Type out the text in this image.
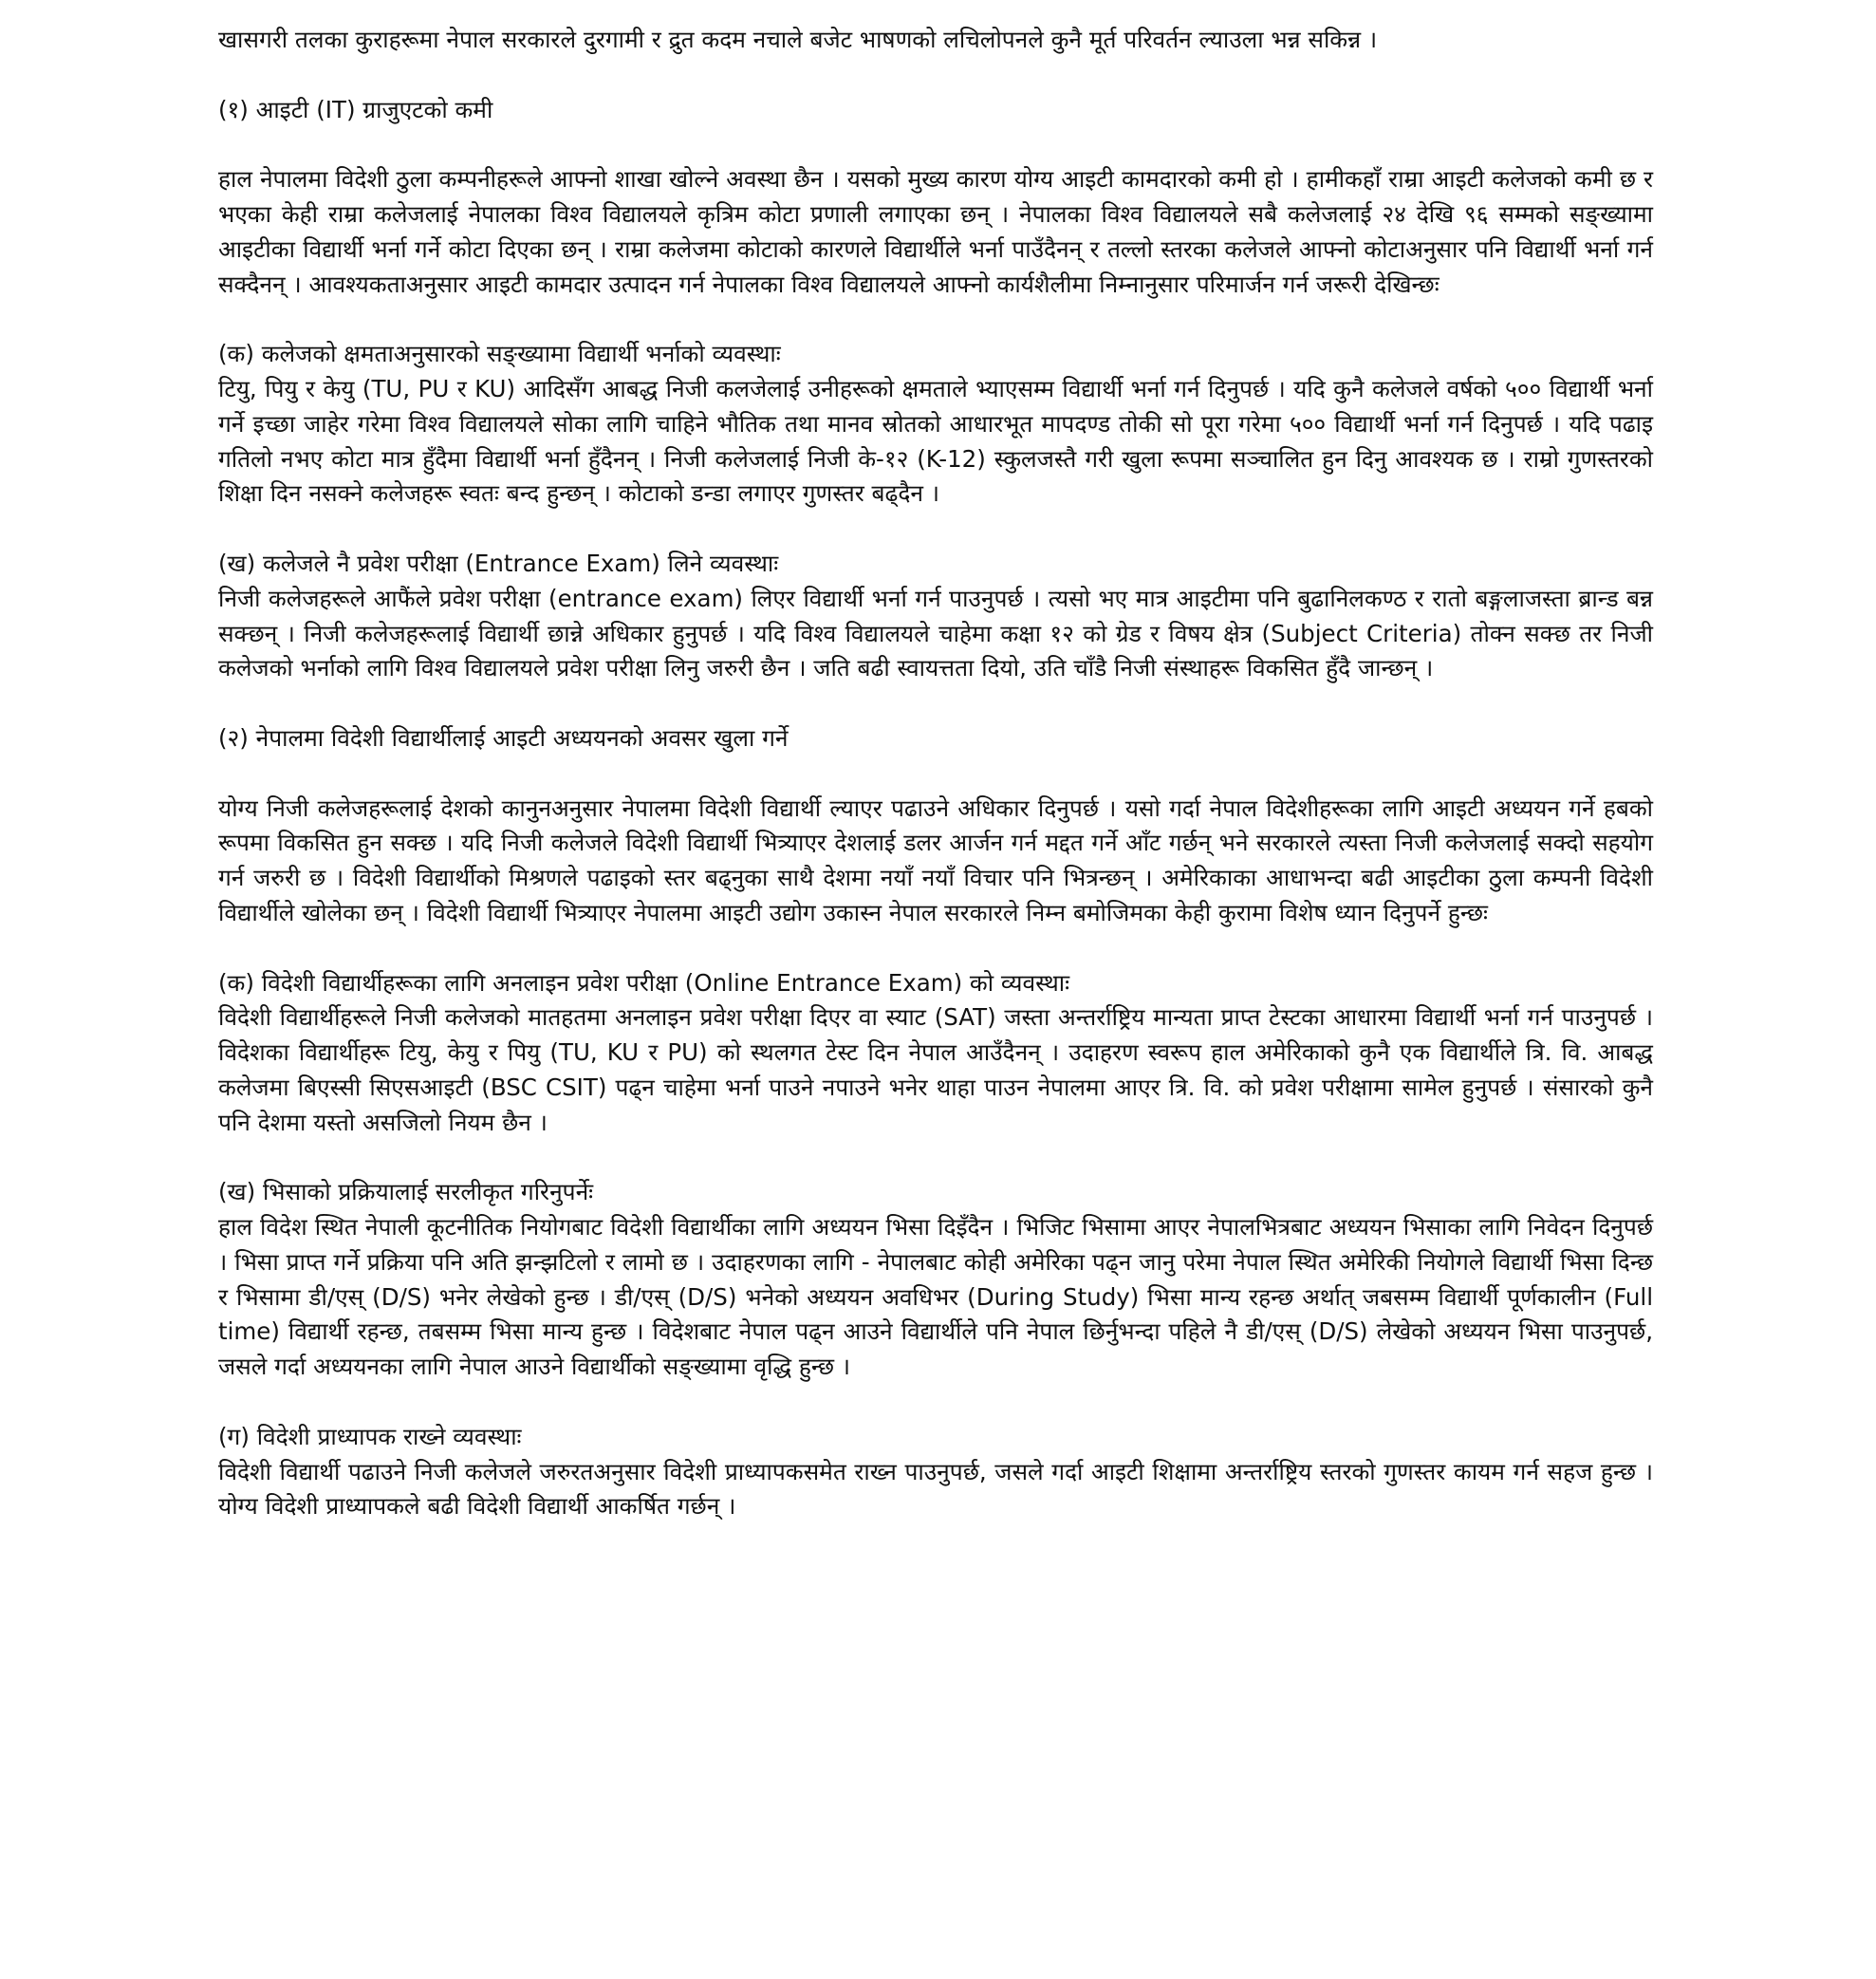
खासगरी तलका कुराहरूमा नेपाल सरकारले दुरगामी र द्रुत कदम नचाले बजेट भाषणको लचिलोपनले कुनै मूर्त परिवर्तन ल्याउला भन्न सकिन्न ।

(१) आइटी (IT) ग्राजुएटको कमी

हाल नेपालमा विदेशी ठुला कम्पनीहरूले आफ्नो शाखा खोल्ने अवस्था छैन । यसको मुख्य कारण योग्य आइटी कामदारको कमी हो । हामीकहाँ राम्रा आइटी कलेजको कमी छ र भएका केही राम्रा कलेजलाई नेपालका विश्व विद्यालयले कृत्रिम कोटा प्रणाली लगाएका छन् । नेपालका विश्व विद्यालयले सबै कलेजलाई २४ देखि ९६ सम्मको सङ्ख्यामा आइटीका विद्यार्थी भर्ना गर्ने कोटा दिएका छन् । राम्रा कलेजमा कोटाको कारणले विद्यार्थीले भर्ना पाउँदैनन् र तल्लो स्तरका कलेजले आफ्नो कोटाअनुसार पनि विद्यार्थी भर्ना गर्न सक्दैनन् । आवश्यकताअनुसार आइटी कामदार उत्पादन गर्न नेपालका विश्व विद्यालयले आफ्नो कार्यशैलीमा निम्नानुसार परिमार्जन गर्न जरूरी देखिन्छः

(क) कलेजको क्षमताअनुसारको सङ्ख्यामा विद्यार्थी भर्नाको व्यवस्थाः

टियु, पियु र केयु (TU, PU र KU) आदिसँग आबद्ध निजी कलजेलाई उनीहरूको क्षमताले भ्याएसम्म विद्यार्थी भर्ना गर्न दिनुपर्छ । यदि कुनै कलेजले वर्षको ५०० विद्यार्थी भर्ना गर्ने इच्छा जाहेर गरेमा विश्व विद्यालयले सोका लागि चाहिने भौतिक तथा मानव स्रोतको आधारभूत मापदण्ड तोकी सो पूरा गरेमा ५०० विद्यार्थी भर्ना गर्न दिनुपर्छ । यदि पढाइ गतिलो नभए कोटा मात्र हुँदैमा विद्यार्थी भर्ना हुँदैनन् । निजी कलेजलाई निजी के-१२ (K-12) स्कुलजस्तै गरी खुला रूपमा सञ्चालित हुन दिनु आवश्यक छ । राम्रो गुणस्तरको शिक्षा दिन नसक्ने कलेजहरू स्वतः बन्द हुन्छन् । कोटाको डन्डा लगाएर गुणस्तर बढ्दैन ।

(ख) कलेजले नै प्रवेश परीक्षा (Entrance Exam) लिने व्यवस्थाः

निजी कलेजहरूले आफैंले प्रवेश परीक्षा (entrance exam) लिएर विद्यार्थी भर्ना गर्न पाउनुपर्छ । त्यसो भए मात्र आइटीमा पनि बुढानिलकण्ठ र रातो बङ्गलाजस्ता ब्रान्ड बन्न सक्छन् । निजी कलेजहरूलाई विद्यार्थी छान्ने अधिकार हुनुपर्छ । यदि विश्व विद्यालयले चाहेमा कक्षा १२ को ग्रेड र विषय क्षेत्र (Subject Criteria) तोक्न सक्छ तर निजी कलेजको भर्नाको लागि विश्व विद्यालयले प्रवेश परीक्षा लिनु जरुरी छैन । जति बढी स्वायत्तता दियो, उति चाँडै निजी संस्थाहरू विकसित हुँदै जान्छन् ।

(२) नेपालमा विदेशी विद्यार्थीलाई आइटी अध्ययनको अवसर खुला गर्ने

योग्य निजी कलेजहरूलाई देशको कानुनअनुसार नेपालमा विदेशी विद्यार्थी ल्याएर पढाउने अधिकार दिनुपर्छ । यसो गर्दा नेपाल विदेशीहरूका लागि आइटी अध्ययन गर्ने हबको रूपमा विकसित हुन सक्छ । यदि निजी कलेजले विदेशी विद्यार्थी भित्र्याएर देशलाई डलर आर्जन गर्न मद्दत गर्ने आँट गर्छन् भने सरकारले त्यस्ता निजी कलेजलाई सक्दो सहयोग गर्न जरुरी छ । विदेशी विद्यार्थीको मिश्रणले पढाइको स्तर बढ्नुका साथै देशमा नयाँ नयाँ विचार पनि भित्रन्छन् । अमेरिकाका आधाभन्दा बढी आइटीका ठुला कम्पनी विदेशी विद्यार्थीले खोलेका छन् । विदेशी विद्यार्थी भित्र्याएर नेपालमा आइटी उद्योग उकास्न नेपाल सरकारले निम्न बमोजिमका केही कुरामा विशेष ध्यान दिनुपर्ने हुन्छः

(क) विदेशी विद्यार्थीहरूका लागि अनलाइन प्रवेश परीक्षा (Online Entrance Exam) को व्यवस्थाः

विदेशी विद्यार्थीहरूले निजी कलेजको मातहतमा अनलाइन प्रवेश परीक्षा दिएर वा स्याट (SAT) जस्ता अन्तर्राष्ट्रिय मान्यता प्राप्त टेस्टका आधारमा विद्यार्थी भर्ना गर्न पाउनुपर्छ । विदेशका विद्यार्थीहरू टियु, केयु र पियु (TU, KU र PU) को स्थलगत टेस्ट दिन नेपाल आउँदैनन् । उदाहरण स्वरूप हाल अमेरिकाको कुनै एक विद्यार्थीले त्रि. वि. आबद्ध कलेजमा बिएस्सी सिएसआइटी (BSC CSIT) पढ्न चाहेमा भर्ना पाउने नपाउने भनेर थाहा पाउन नेपालमा आएर त्रि. वि. को प्रवेश परीक्षामा सामेल हुनुपर्छ । संसारको कुनै पनि देशमा यस्तो असजिलो नियम छैन ।

(ख) भिसाको प्रक्रियालाई सरलीकृत गरिनुपर्नेः

हाल विदेश स्थित नेपाली कूटनीतिक नियोगबाट विदेशी विद्यार्थीका लागि अध्ययन भिसा दिइँदैन । भिजिट भिसामा आएर नेपालभित्रबाट अध्ययन भिसाका लागि निवेदन दिनुपर्छ । भिसा प्राप्त गर्ने प्रक्रिया पनि अति झन्झटिलो र लामो छ । उदाहरणका लागि - नेपालबाट कोही अमेरिका पढ्न जानु परेमा नेपाल स्थित अमेरिकी नियोगले विद्यार्थी भिसा दिन्छ र भिसामा डी/एस् (D/S) भनेर लेखेको हुन्छ । डी/एस् (D/S) भनेको अध्ययन अवधिभर (During Study) भिसा मान्य रहन्छ अर्थात् जबसम्म विद्यार्थी पूर्णकालीन (Full time) विद्यार्थी रहन्छ, तबसम्म भिसा मान्य हुन्छ । विदेशबाट नेपाल पढ्न आउने विद्यार्थीले पनि नेपाल छिर्नुभन्दा पहिले नै डी/एस् (D/S) लेखेको अध्ययन भिसा पाउनुपर्छ, जसले गर्दा अध्ययनका लागि नेपाल आउने विद्यार्थीको सङ्ख्यामा वृद्धि हुन्छ ।

(ग) विदेशी प्राध्यापक राख्ने व्यवस्थाः

विदेशी विद्यार्थी पढाउने निजी कलेजले जरुरतअनुसार विदेशी प्राध्यापकसमेत राख्न पाउनुपर्छ, जसले गर्दा आइटी शिक्षामा अन्तर्राष्ट्रिय स्तरको गुणस्तर कायम गर्न सहज हुन्छ । योग्य विदेशी प्राध्यापकले बढी विदेशी विद्यार्थी आकर्षित गर्छन् ।
